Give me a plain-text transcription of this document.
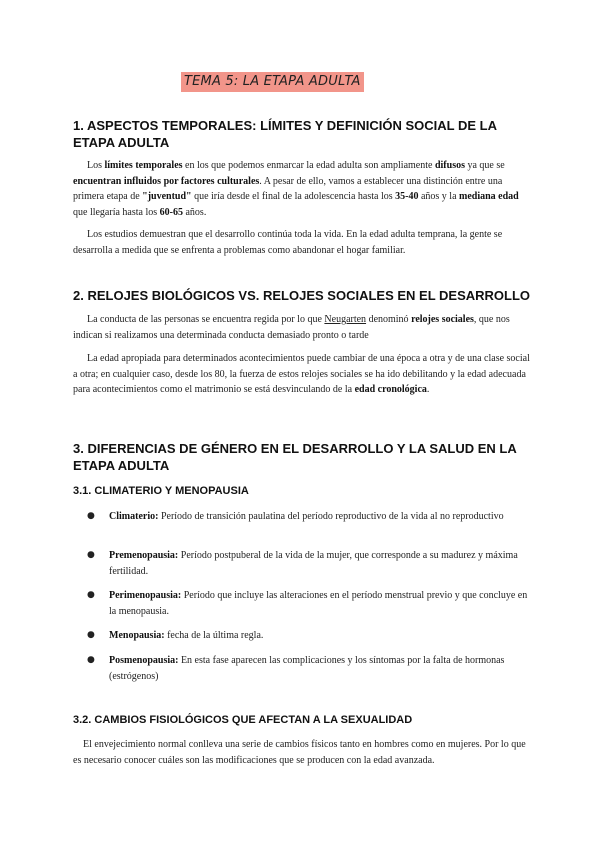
TEMA 5: LA ETAPA ADULTA
1. ASPECTOS TEMPORALES: LÍMITES Y DEFINICIÓN SOCIAL DE LA ETAPA ADULTA

Los límites temporales en los que podemos enmarcar la edad adulta son ampliamente difusos ya que se encuentran influidos por factores culturales. A pesar de ello, vamos a establecer una distinción entre una primera etapa de "juventud" que iría desde el final de la adolescencia hasta los 35-40 años y la mediana edad que llegaría hasta los 60-65 años.

Los estudios demuestran que el desarrollo continúa toda la vida. En la edad adulta temprana, la gente se desarrolla a medida que se enfrenta a problemas como abandonar el hogar familiar.

2. RELOJES BIOLÓGICOS VS. RELOJES SOCIALES EN EL DESARROLLO

La conducta de las personas se encuentra regida por lo que Neugarten denominó relojes sociales, que nos indican si realizamos una determinada conducta demasiado pronto o tarde

La edad apropiada para determinados acontecimientos puede cambiar de una época a otra y de una clase social a otra; en cualquier caso, desde los 80, la fuerza de estos relojes sociales se ha ido debilitando y la edad adecuada para acontecimientos como el matrimonio se está desvinculando de la edad cronológica.

3. DIFERENCIAS DE GÉNERO EN EL DESARROLLO Y LA SALUD EN LA ETAPA ADULTA
3.1. CLIMATERIO Y MENOPAUSIA
● Climaterio: Período de transición paulatina del período reproductivo de la vida al no reproductivo
● Premenopausia: Período postpuberal de la vida de la mujer, que corresponde a su madurez y máxima fertilidad.
● Perimenopausia: Período que incluye las alteraciones en el período menstrual previo y que concluye en la menopausia.
● Menopausia: fecha de la última regla.
● Posmenopausia: En esta fase aparecen las complicaciones y los síntomas por la falta de hormonas (estrógenos)
3.2. CAMBIOS FISIOLÓGICOS QUE AFECTAN A LA SEXUALIDAD

El envejecimiento normal conlleva una serie de cambios físicos tanto en hombres como en mujeres. Por lo que es necesario conocer cuáles son las modificaciones que se producen con la edad avanzada.
